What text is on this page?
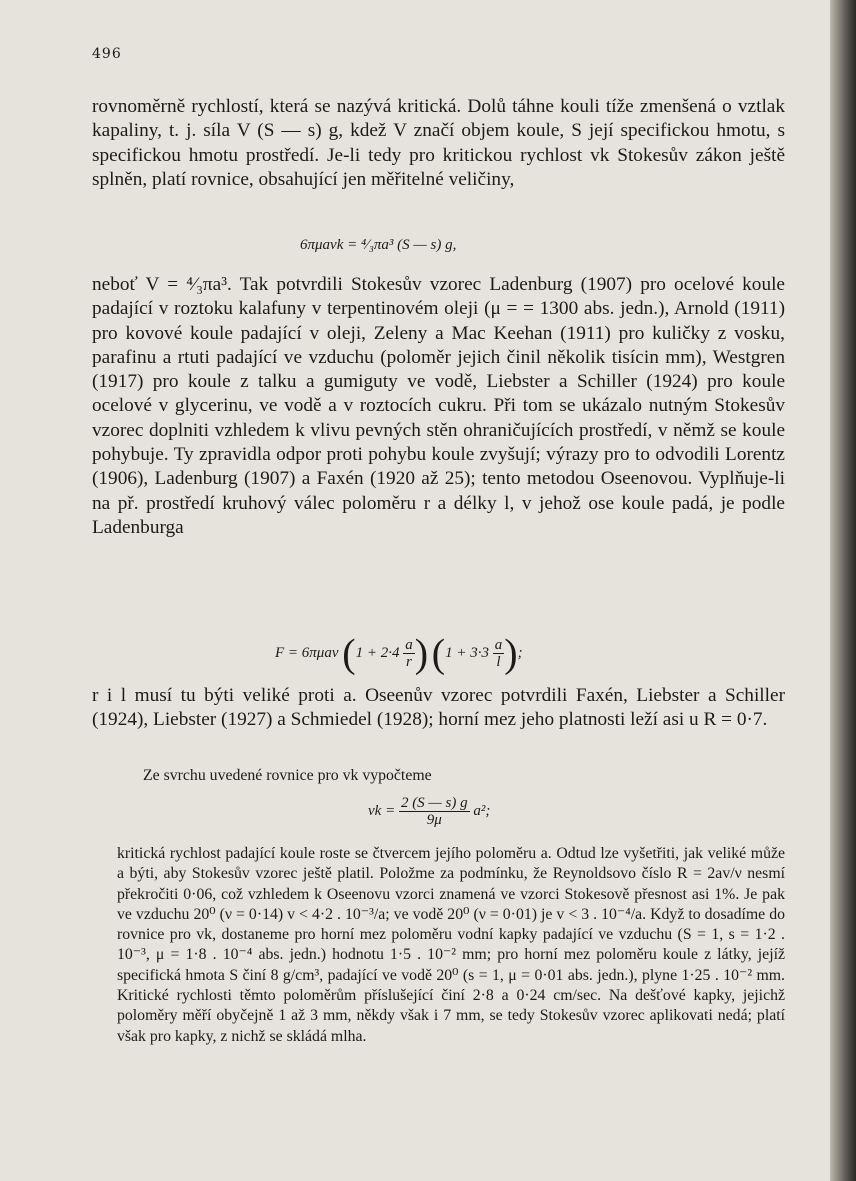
496

rovnoměrně rychlostí, která se nazývá kritická. Dolů táhne kouli tíže zmenšená o vztlak kapaliny, t. j. síla V (S — s) g, kdež V značí objem koule, S její specifickou hmotu, s specifickou hmotu prostředí. Je-li tedy pro kritickou rychlost vk Stokesův zákon ještě splněn, platí rovnice, obsahující jen měřitelné veličiny,

6πμavk = ⁴⁄₃πa³ (S — s) g,

neboť V = ⁴⁄₃πa³. Tak potvrdili Stokesův vzorec Ladenburg (1907) pro ocelové koule padající v roztoku kalafuny v terpentinovém oleji (μ = = 1300 abs. jedn.), Arnold (1911) pro kovové koule padající v oleji, Zeleny a Mac Keehan (1911) pro kuličky z vosku, parafinu a rtuti padající ve vzduchu (poloměr jejich činil několik tisícin mm), Westgren (1917) pro koule z talku a gumiguty ve vodě, Liebster a Schiller (1924) pro koule ocelové v glycerinu, ve vodě a v roztocích cukru. Při tom se ukázalo nutným Stokesův vzorec doplniti vzhledem k vlivu pevných stěn ohraničujících prostředí, v němž se koule pohybuje. Ty zpravidla odpor proti pohybu koule zvyšují; výrazy pro to odvodili Lorentz (1906), Ladenburg (1907) a Faxén (1920 až 25); tento metodou Oseenovou. Vyplňuje-li na př. prostředí kruhový válec poloměru r a délky l, v jehož ose koule padá, je podle Ladenburga

F = 6πμav ($1 + 2\cdot 4 \frac{a}{r}$ ) ($1 + 3\cdot 3 \frac{a}{l}$ );

r i l musí tu býti veliké proti a. Oseenův vzorec potvrdili Faxén, Liebster a Schiller (1924), Liebster (1927) a Schmiedel (1928); horní mez jeho platnosti leží asi u R = 0·7.

Ze svrchu uvedené rovnice pro vk vypočteme

vk = $\frac{2 (S — s) g}{9\mu} a^2$;

kritická rychlost padající koule roste se čtvercem jejího poloměru a. Odtud lze vyšetřiti, jak veliké může a býti, aby Stokesův vzorec ještě platil. Položme za podmínku, že Reynoldsovo číslo R = 2av/ν nesmí překročiti 0·06, což vzhledem k Oseenovu vzorci znamená ve vzorci Stokesově přesnost asi 1%. Je pak ve vzduchu 20⁰ (ν = 0·14) v < 4·2 . 10⁻³/a; ve vodě 20⁰ (ν = 0·01) je v < 3 . 10⁻⁴/a. Když to dosadíme do rovnice pro vk, dostaneme pro horní mez poloměru vodní kapky padající ve vzduchu (S = 1, s = 1·2 . 10⁻³, μ = 1·8 . 10⁻⁴ abs. jedn.) hodnotu 1·5 . 10⁻² mm; pro horní mez poloměru koule z látky, jejíž specifická hmota S činí 8 g/cm³, padající ve vodě 20⁰ (s = 1, μ = 0·01 abs. jedn.), plyne 1·25 . 10⁻² mm. Kritické rychlosti těmto poloměrům příslušející činí 2·8 a 0·24 cm/sec. Na dešťové kapky, jejichž poloměry měří obyčejně 1 až 3 mm, někdy však i 7 mm, se tedy Stokesův vzorec aplikovati nedá; platí však pro kapky, z nichž se skládá mlha.
